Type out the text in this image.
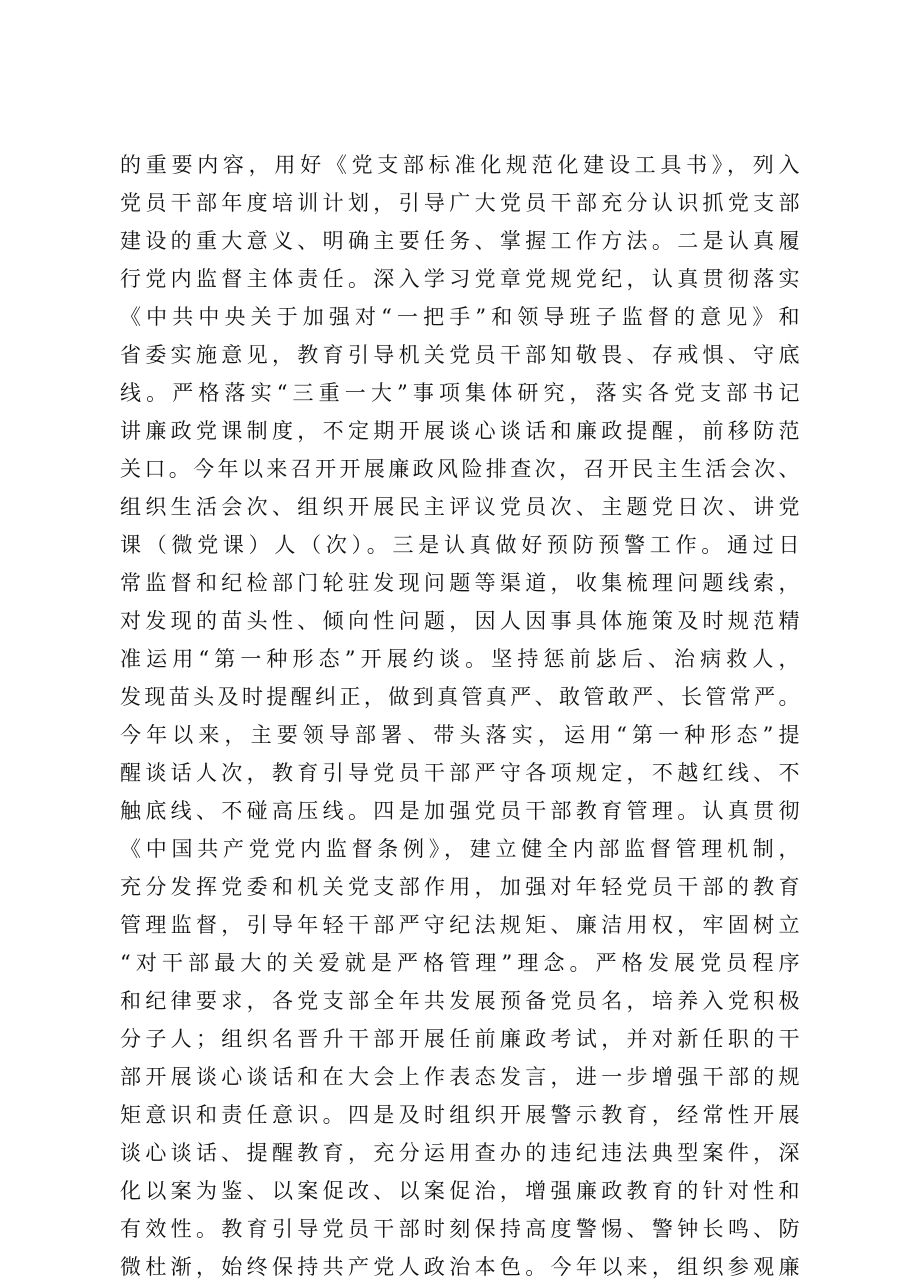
的重要内容，用好《党支部标准化规范化建设工具书》，列入
党员干部年度培训计划，引导广大党员干部充分认识抓党支部
建设的重大意义、明确主要任务、掌握工作方法。二是认真履
行党内监督主体责任。深入学习党章党规党纪，认真贯彻落实
《中共中央关于加强对“一把手”和领导班子监督的意见》和
省委实施意见，教育引导机关党员干部知敬畏、存戒惧、守底
线。严格落实“三重一大”事项集体研究，落实各党支部书记
讲廉政党课制度，不定期开展谈心谈话和廉政提醒，前移防范
关口。今年以来召开开展廉政风险排查次，召开民主生活会次、
组织生活会次、组织开展民主评议党员次、主题党日次、讲党
课（微党课）人（次）。三是认真做好预防预警工作。通过日
常监督和纪检部门轮驻发现问题等渠道，收集梳理问题线索，
对发现的苗头性、倾向性问题，因人因事具体施策及时规范精
准运用“第一种形态”开展约谈。坚持惩前毖后、治病救人，
发现苗头及时提醒纠正，做到真管真严、敢管敢严、长管常严。
今年以来，主要领导部署、带头落实，运用“第一种形态”提
醒谈话人次，教育引导党员干部严守各项规定，不越红线、不
触底线、不碰高压线。四是加强党员干部教育管理。认真贯彻
《中国共产党党内监督条例》，建立健全内部监督管理机制，
充分发挥党委和机关党支部作用，加强对年轻党员干部的教育
管理监督，引导年轻干部严守纪法规矩、廉洁用权，牢固树立
“对干部最大的关爱就是严格管理”理念。严格发展党员程序
和纪律要求，各党支部全年共发展预备党员名，培养入党积极
分子人；组织名晋升干部开展任前廉政考试，并对新任职的干
部开展谈心谈话和在大会上作表态发言，进一步增强干部的规
矩意识和责任意识。四是及时组织开展警示教育，经常性开展
谈心谈话、提醒教育，充分运用查办的违纪违法典型案件，深
化以案为鉴、以案促改、以案促治，增强廉政教育的针对性和
有效性。教育引导党员干部时刻保持高度警惕、警钟长鸣、防
微杜渐，始终保持共产党人政治本色。今年以来，组织参观廉
